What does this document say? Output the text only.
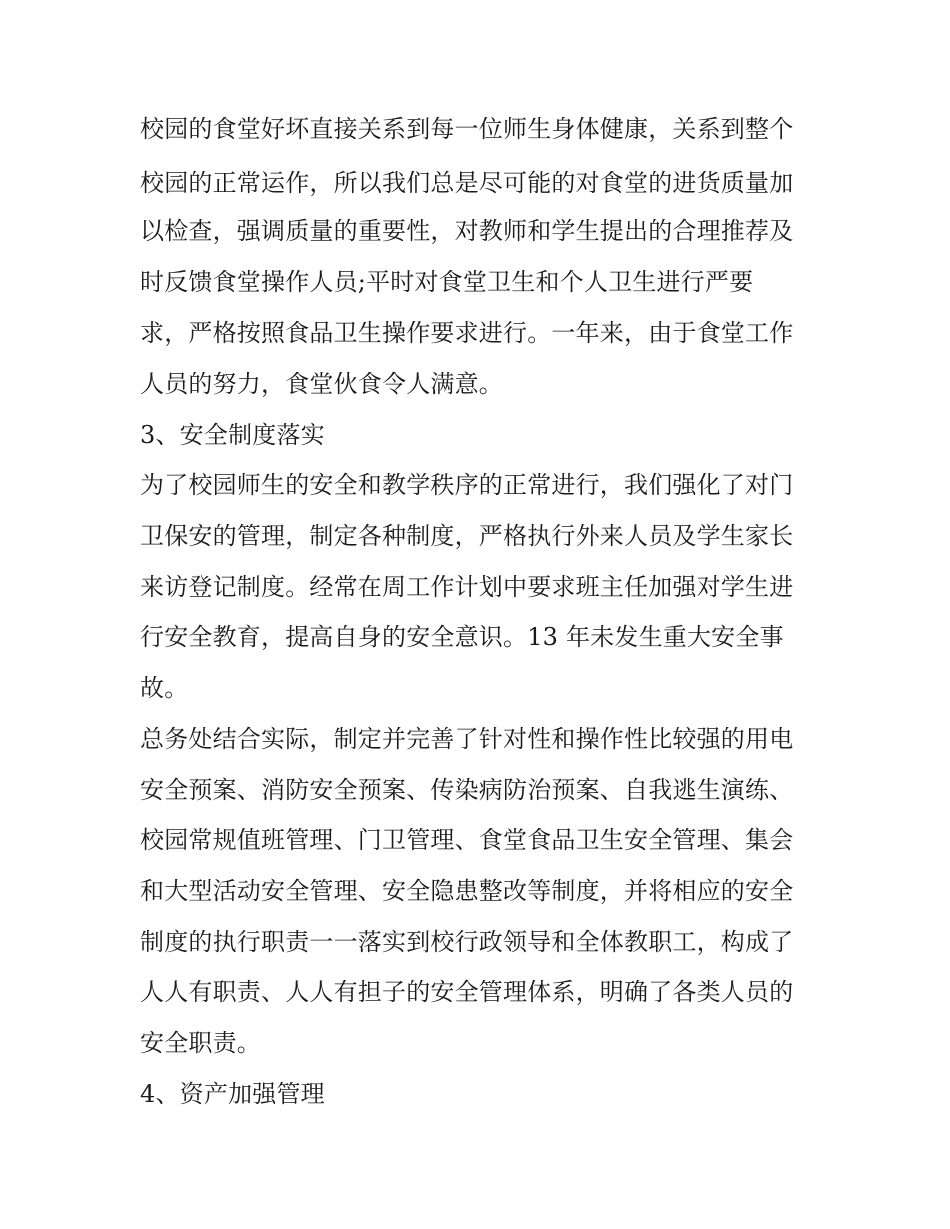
校园的食堂好坏直接关系到每一位师生身体健康，关系到整个
校园的正常运作，所以我们总是尽可能的对食堂的进货质量加
以检查，强调质量的重要性，对教师和学生提出的合理推荐及
时反馈食堂操作人员;平时对食堂卫生和个人卫生进行严要
求，严格按照食品卫生操作要求进行。一年来，由于食堂工作
人员的努力，食堂伙食令人满意。
3、安全制度落实
为了校园师生的安全和教学秩序的正常进行，我们强化了对门
卫保安的管理，制定各种制度，严格执行外来人员及学生家长
来访登记制度。经常在周工作计划中要求班主任加强对学生进
行安全教育，提高自身的安全意识。13 年未发生重大安全事
故。
总务处结合实际，制定并完善了针对性和操作性比较强的用电
安全预案、消防安全预案、传染病防治预案、自我逃生演练、
校园常规值班管理、门卫管理、食堂食品卫生安全管理、集会
和大型活动安全管理、安全隐患整改等制度，并将相应的安全
制度的执行职责一一落实到校行政领导和全体教职工，构成了
人人有职责、人人有担子的安全管理体系，明确了各类人员的
安全职责。
4、资产加强管理
